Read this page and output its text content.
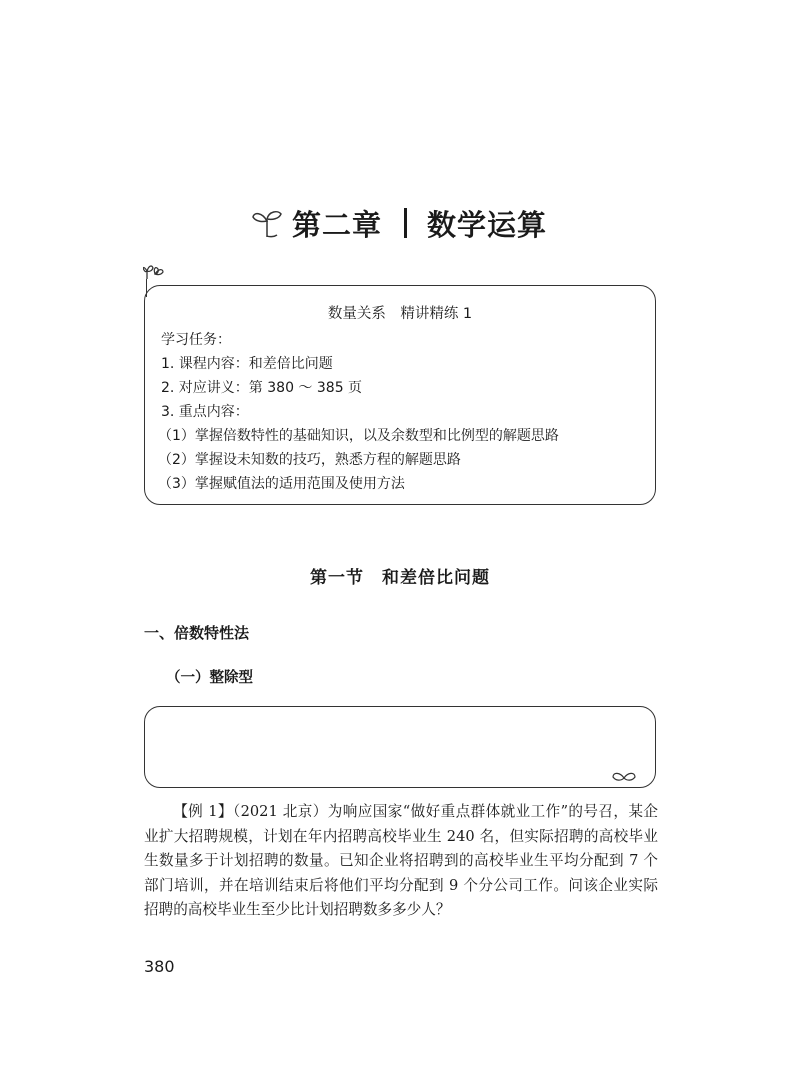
第二章 数学运算
数量关系　精讲精练 1
学习任务：
1. 课程内容：和差倍比问题
2. 对应讲义：第 380 ～ 385 页
3. 重点内容：
（1）掌握倍数特性的基础知识，以及余数型和比例型的解题思路
（2）掌握设未知数的技巧，熟悉方程的解题思路
（3）掌握赋值法的适用范围及使用方法
第一节　和差倍比问题
一、倍数特性法
（一）整除型
【例 1】（2021 北京）为响应国家“做好重点群体就业工作”的号召，某企业扩大招聘规模，计划在年内招聘高校毕业生 240 名，但实际招聘的高校毕业生数量多于计划招聘的数量。已知企业将招聘到的高校毕业生平均分配到 7 个部门培训，并在培训结束后将他们平均分配到 9 个分公司工作。问该企业实际招聘的高校毕业生至少比计划招聘数多多少人？
380
